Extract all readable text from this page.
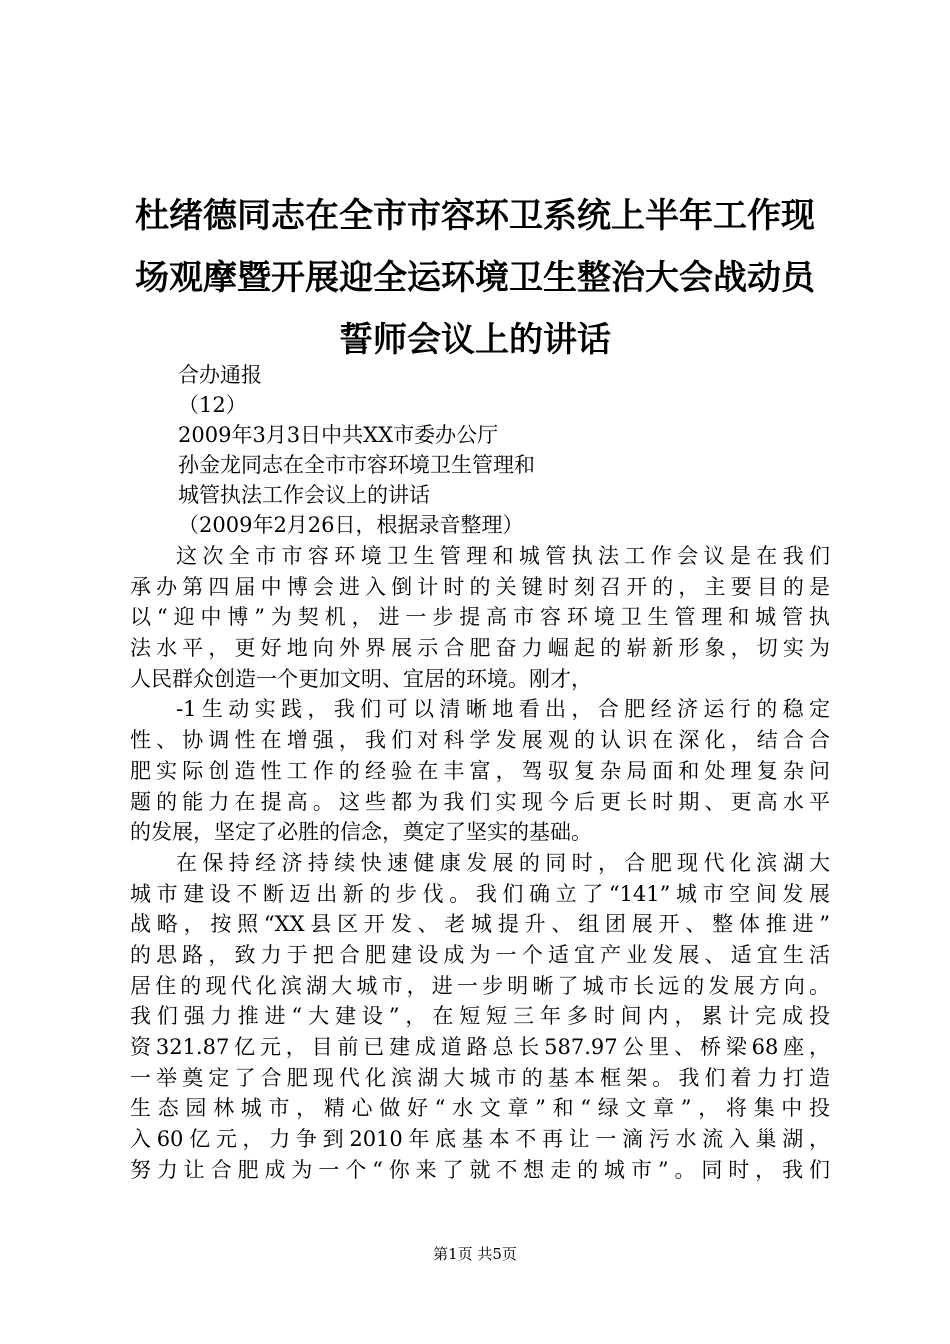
杜绪德同志在全市市容环卫系统上半年工作现
场观摩暨开展迎全运环境卫生整治大会战动员
誓师会议上的讲话
合办通报
（12）
2009年3月3日中共XX市委办公厅
孙金龙同志在全市市容环境卫生管理和
城管执法工作会议上的讲话
（2009年2月26日，根据录音整理）
这次全市市容环境卫生管理和城管执法工作会议是在我们
承办第四届中博会进入倒计时的关键时刻召开的，主要目的是
以“迎中博”为契机，进一步提高市容环境卫生管理和城管执
法水平，更好地向外界展示合肥奋力崛起的崭新形象，切实为
人民群众创造一个更加文明、宜居的环境。刚才，
-1生动实践，我们可以清晰地看出，合肥经济运行的稳定
性、协调性在增强，我们对科学发展观的认识在深化，结合合
肥实际创造性工作的经验在丰富，驾驭复杂局面和处理复杂问
题的能力在提高。这些都为我们实现今后更长时期、更高水平
的发展，坚定了必胜的信念，奠定了坚实的基础。
在保持经济持续快速健康发展的同时，合肥现代化滨湖大
城市建设不断迈出新的步伐。我们确立了“141”城市空间发展
战略，按照“XX县区开发、老城提升、组团展开、整体推进”
的思路，致力于把合肥建设成为一个适宜产业发展、适宜生活
居住的现代化滨湖大城市，进一步明晰了城市长远的发展方向。
我们强力推进“大建设”，在短短三年多时间内，累计完成投
资321.87亿元，目前已建成道路总长587.97公里、桥梁68座，
一举奠定了合肥现代化滨湖大城市的基本框架。我们着力打造
生态园林城市，精心做好“水文章”和“绿文章”，将集中投
入60亿元，力争到2010年底基本不再让一滴污水流入巢湖，
努力让合肥成为一个“你来了就不想走的城市”。同时，我们
第1页 共5页
